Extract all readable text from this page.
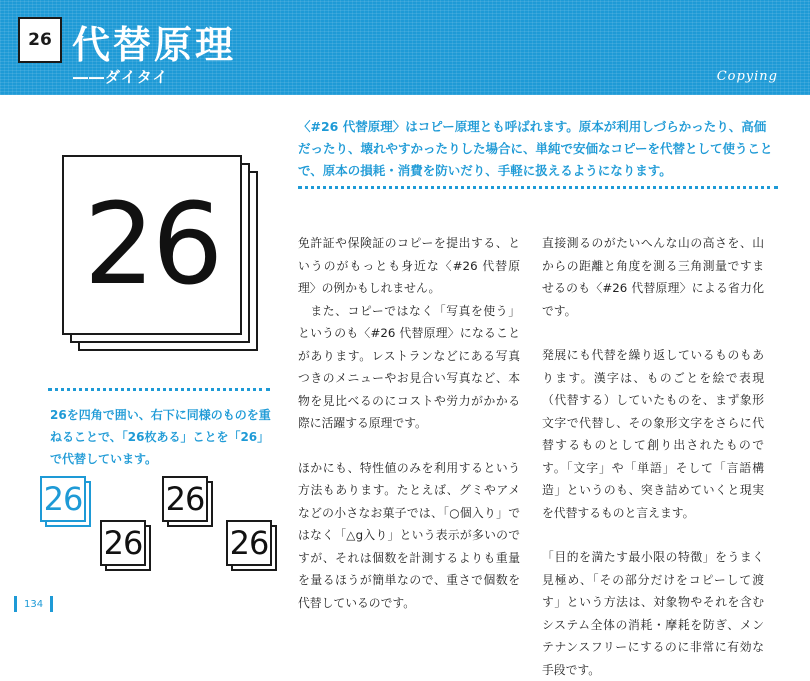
26 代替原理
――ダイタイ	Copying
〈#26 代替原理〉はコピー原理とも呼ばれます。原本が利用しづらかったり、高価だったり、壊れやすかったりした場合に、単純で安価なコピーを代替として使うことで、原本の損耗・消費を防いだり、手軽に扱えるようになります。
26
26を四角で囲い、右下に同様のものを重ねることで、「26枚ある」ことを「26」で代替しています。
26	26
26	26

免許証や保険証のコピーを提出する、というのがもっとも身近な〈#26 代替原理〉の例かもしれません。

　また、コピーではなく「写真を使う」というのも〈#26 代替原理〉になることがあります。レストランなどにある写真つきのメニューやお見合い写真など、本物を見比べるのにコストや労力がかかる際に活躍する原理です。

ほかにも、特性値のみを利用するという方法もあります。たとえば、グミやアメなどの小さなお菓子では、「○個入り」ではなく「△g入り」という表示が多いのですが、それは個数を計測するよりも重量を量るほうが簡単なので、重さで個数を代替しているのです。

直接測るのがたいへんな山の高さを、山からの距離と角度を測る三角測量ですませるのも〈#26 代替原理〉による省力化です。

発展にも代替を繰り返しているものもあります。漢字は、ものごとを絵で表現（代替する）していたものを、まず象形文字で代替し、その象形文字をさらに代替するものとして創り出されたものです。「文字」や「単語」そして「言語構造」というのも、突き詰めていくと現実を代替するものと言えます。

「目的を満たす最小限の特徴」をうまく見極め、「その部分だけをコピーして渡す」という方法は、対象物やそれを含むシステム全体の消耗・摩耗を防ぎ、メンテナンスフリーにするのに非常に有効な手段です。

134
